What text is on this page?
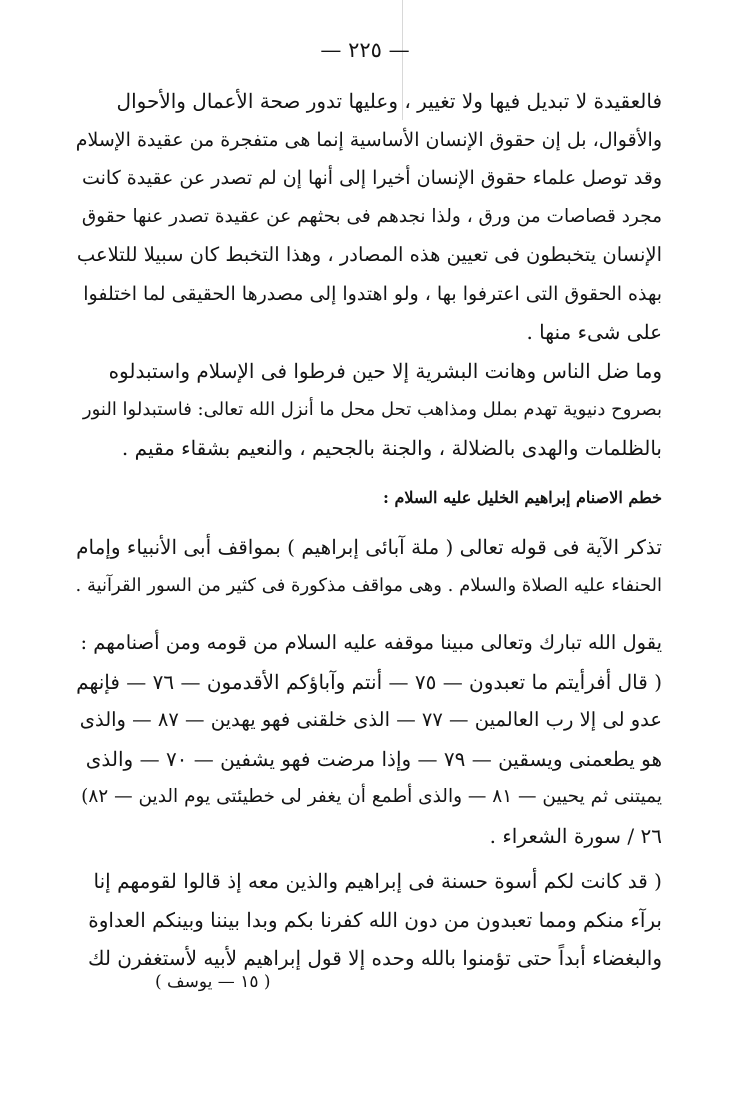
— ٢٢٥ —
فالعقيدة لا تبديل فيها ولا تغيير ، وعليها تدور صحة الأعمال والأحوال
والأقوال، بل إن حقوق الإنسان الأساسية إنما هى متفجرة من عقيدة الإسلام
وقد توصل علماء حقوق الإنسان أخيرا إلى أنها إن لم تصدر عن عقيدة كانت
مجرد قصاصات من ورق ، ولذا نجدهم فى بحثهم عن عقيدة تصدر عنها حقوق
الإنسان يتخبطون فى تعيين هذه المصادر ، وهذا التخبط كان سبيلا للتلاعب
بهذه الحقوق التى اعترفوا بها ، ولو اهتدوا إلى مصدرها الحقيقى لما اختلفوا
على شىء منها .
وما ضل الناس وهانت البشرية إلا حين فرطوا فى الإسلام واستبدلوه
بصروح دنيوية تهدم بملل ومذاهب تحل محل ما أنزل الله تعالى: فاستبدلوا النور
بالظلمات والهدى بالضلالة ، والجنة بالجحيم ، والنعيم بشقاء مقيم .
خطم الاصنام إبراهيم الخليل عليه السلام :
تذكر الآية فى قوله تعالى ( ملة آبائى إبراهيم ) بمواقف أبى الأنبياء وإمام
الحنفاء عليه الصلاة والسلام . وهى مواقف مذكورة فى كثير من السور القرآنية .
يقول الله تبارك وتعالى مبينا موقفه عليه السلام من قومه ومن أصنامهم :
( قال أفرأيتم ما تعبدون — ٧٥ — أنتم وآباؤكم الأقدمون — ٧٦ — فإنهم
عدو لى إلا رب العالمين — ٧٧ — الذى خلقنى فهو يهدين — ٨٧ — والذى
هو يطعمنى ويسقين — ٧٩ — وإذا مرضت فهو يشفين — ٧٠ — والذى
يميتنى ثم يحيين — ٨١ — والذى أطمع أن يغفر لى خطيئتى يوم الدين — ٨٢)
٢٦ / سورة الشعراء .
( قد كانت لكم أسوة حسنة فى إبراهيم والذين معه إذ قالوا لقومهم إنا
برآء منكم ومما تعبدون من دون الله كفرنا بكم وبدا بيننا وبينكم العداوة
والبغضاء أبداً حتى تؤمنوا بالله وحده إلا قول إبراهيم لأبيه لأستغفرن لك
( ١٥ — يوسف )
